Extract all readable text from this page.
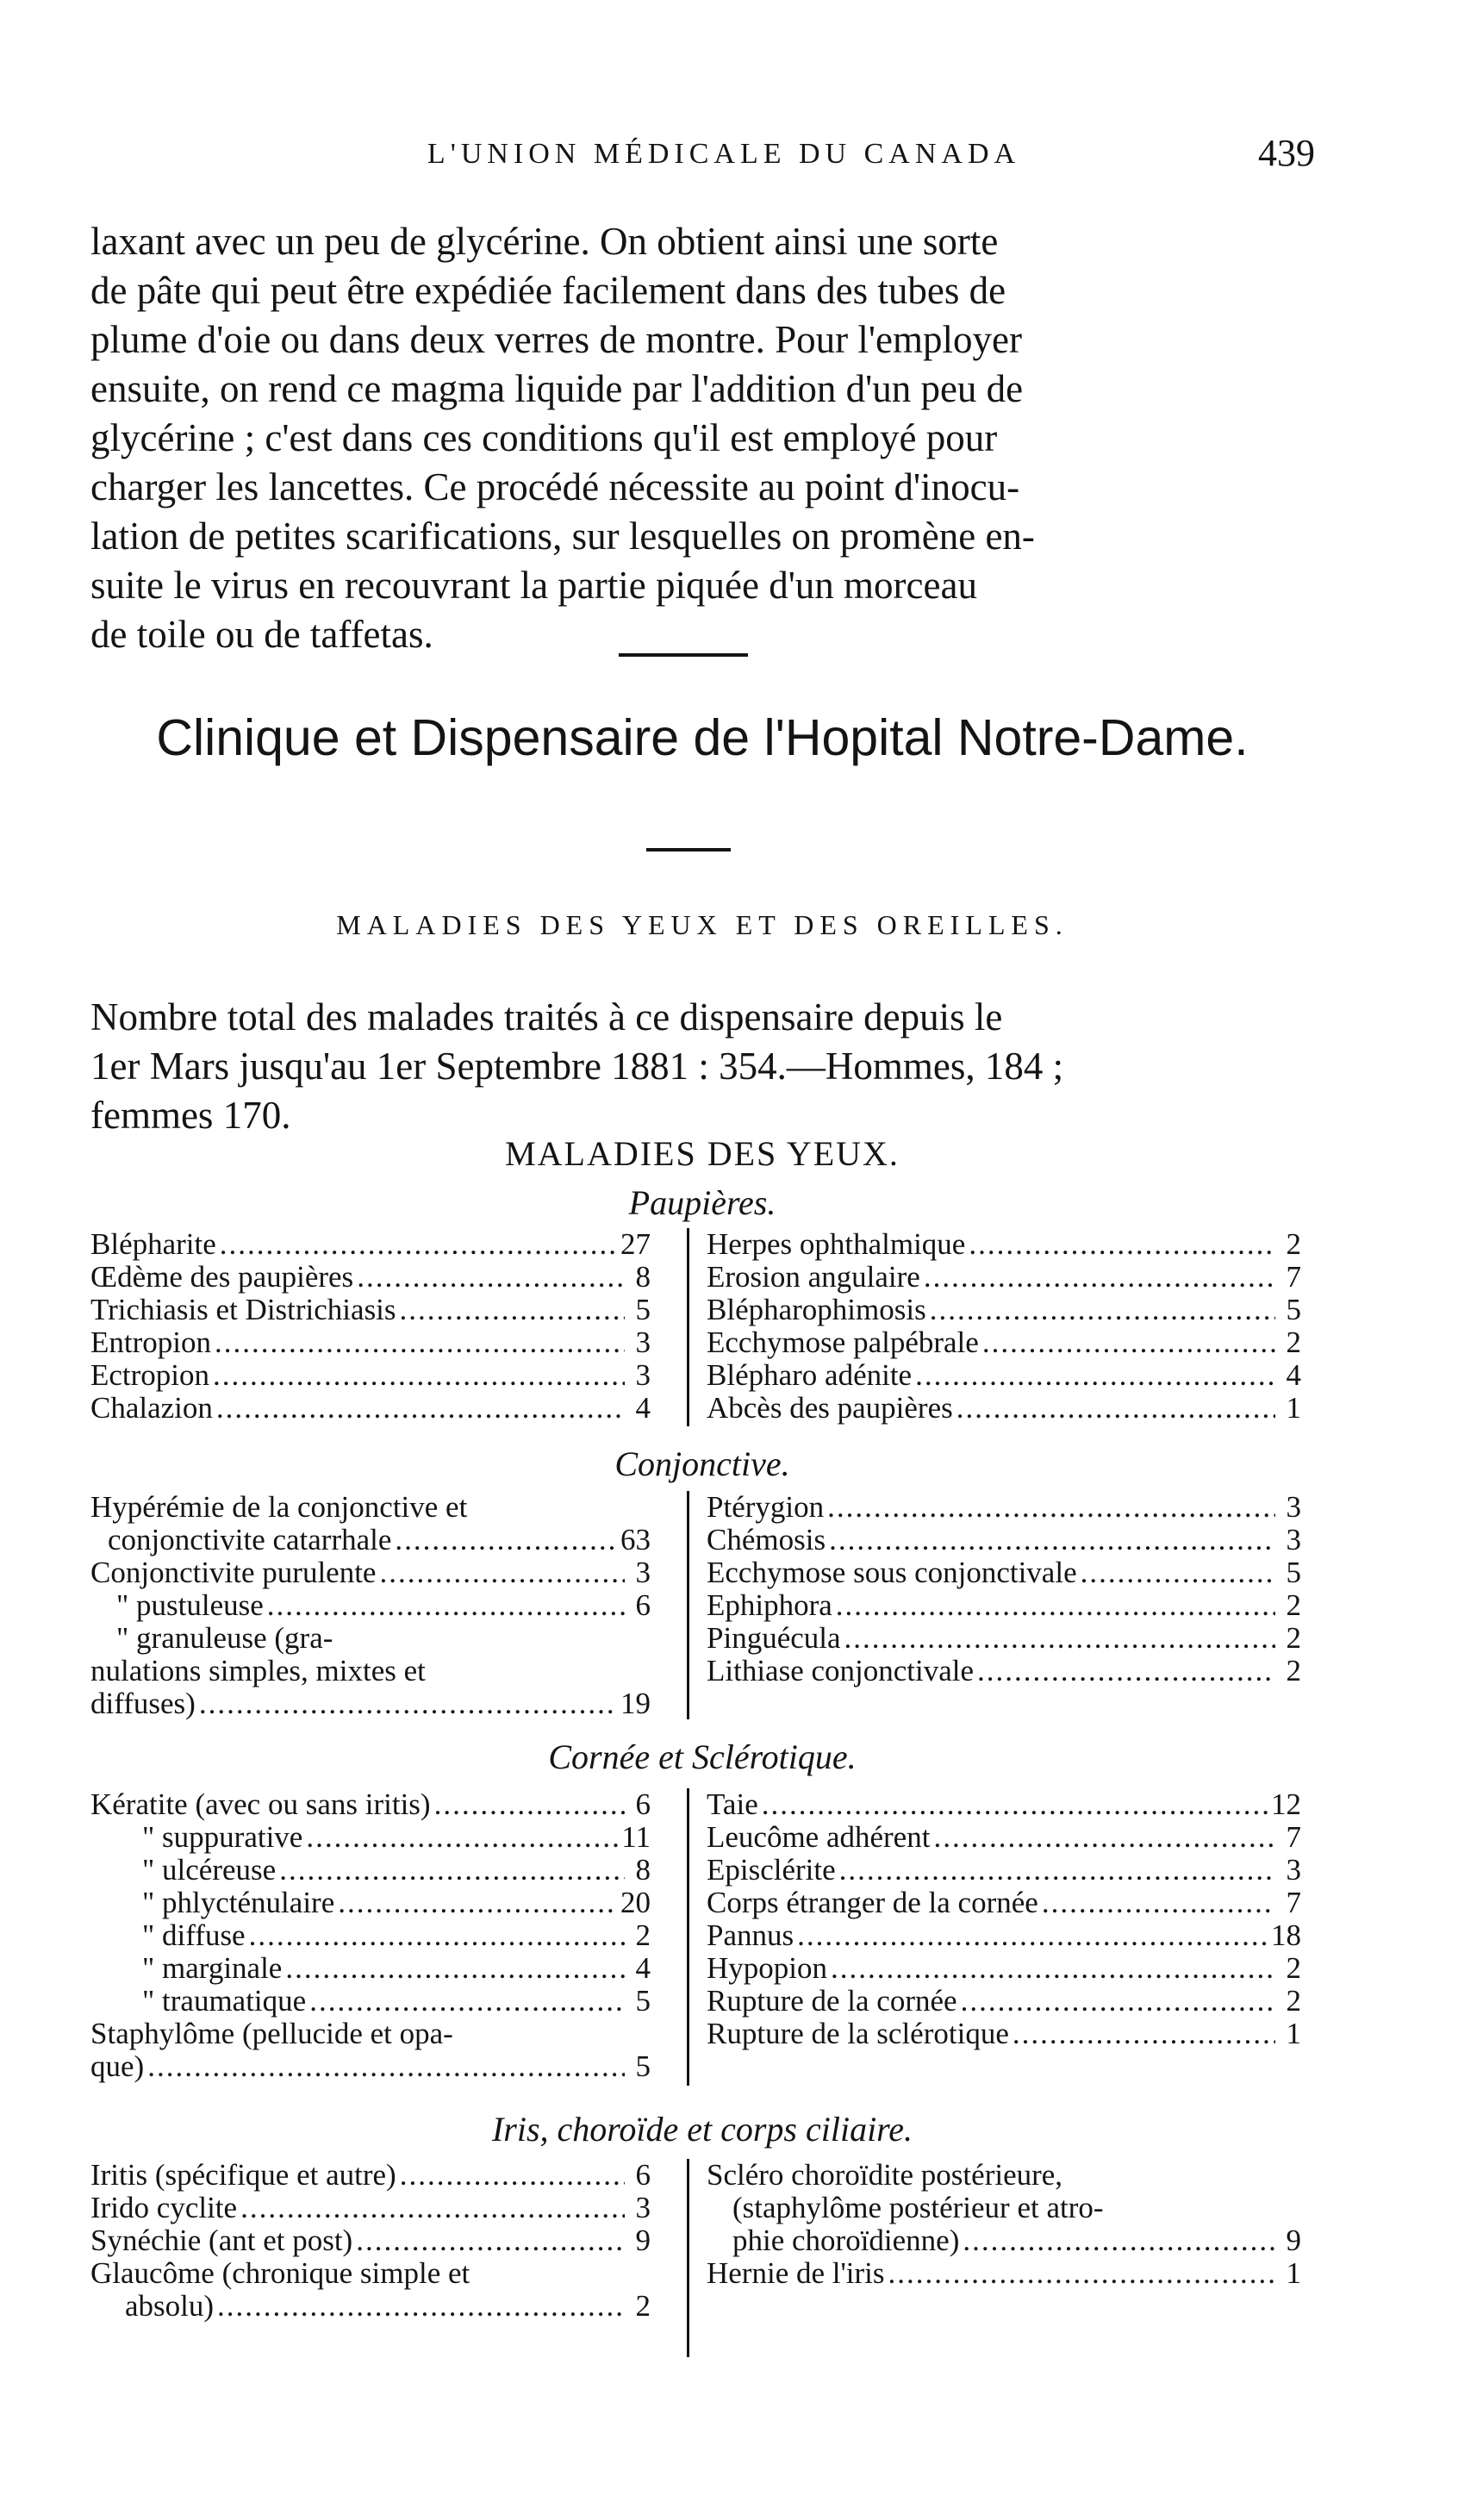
L'UNION MÉDICALE DU CANADA	439
laxant avec un peu de glycérine. On obtient ainsi une sorte
de pâte qui peut être expédiée facilement dans des tubes de
plume d'oie ou dans deux verres de montre. Pour l'employer
ensuite, on rend ce magma liquide par l'addition d'un peu de
glycérine ; c'est dans ces conditions qu'il est employé pour
charger les lancettes. Ce procédé nécessite au point d'inocu-
lation de petites scarifications, sur lesquelles on promène en-
suite le virus en recouvrant la partie piquée d'un morceau
de toile ou de taffetas.
Clinique et Dispensaire de l'Hopital Notre-Dame.
MALADIES DES YEUX ET DES OREILLES.
Nombre total des malades traités à ce dispensaire depuis le
1er Mars jusqu'au 1er Septembre 1881 : 354.—Hommes, 184 ;
femmes 170.
MALADIES DES YEUX.
Paupières.
Blépharite .....	27
Œdème des paupières .....	8
Trichiasis et Districhiasis .....	5
Entropion .....	3
Ectropion .....	3
Chalazion .....	4
Herpes ophthalmique .....	2
Erosion angulaire .....	7
Blépharophimosis .....	5
Ecchymose palpébrale .....	2
Blépharo adénite .....	4
Abcès des paupières .....	1
Conjonctive.
Hypérémie de la conjonctive et
conjonctivite catarrhale .....	63
Conjonctivite purulente .....	3
" pustuleuse .....	6
" granuleuse (gra-
nulations simples, mixtes et
diffuses) .....	19
Ptérygion .....	3
Chémosis .....	3
Ecchymose sous conjonctivale .....	5
Ephiphora .....	2
Pinguécula .....	2
Lithiase conjonctivale .....	2
Cornée et Sclérotique.
Kératite (avec ou sans iritis) .....	6
" suppurative .....	11
" ulcéreuse .....	8
" phlycténulaire .....	20
" diffuse .....	2
" marginale .....	4
" traumatique .....	5
Staphylôme (pellucide et opa-
que) .....	5
Taie .....	12
Leucôme adhérent .....	7
Episclérite .....	3
Corps étranger de la cornée .....	7
Pannus .....	18
Hypopion .....	2
Rupture de la cornée .....	2
Rupture de la sclérotique .....	1
Iris, choroïde et corps ciliaire.
Iritis (spécifique et autre) .....	6
Irido cyclite .....	3
Synéchie (ant et post) .....	9
Glaucôme (chronique simple et
absolu) .....	2
Scléro choroïdite postérieure,
(staphylôme postérieur et atro-
phie choroïdienne) .....	9
Hernie de l'iris .....	1
